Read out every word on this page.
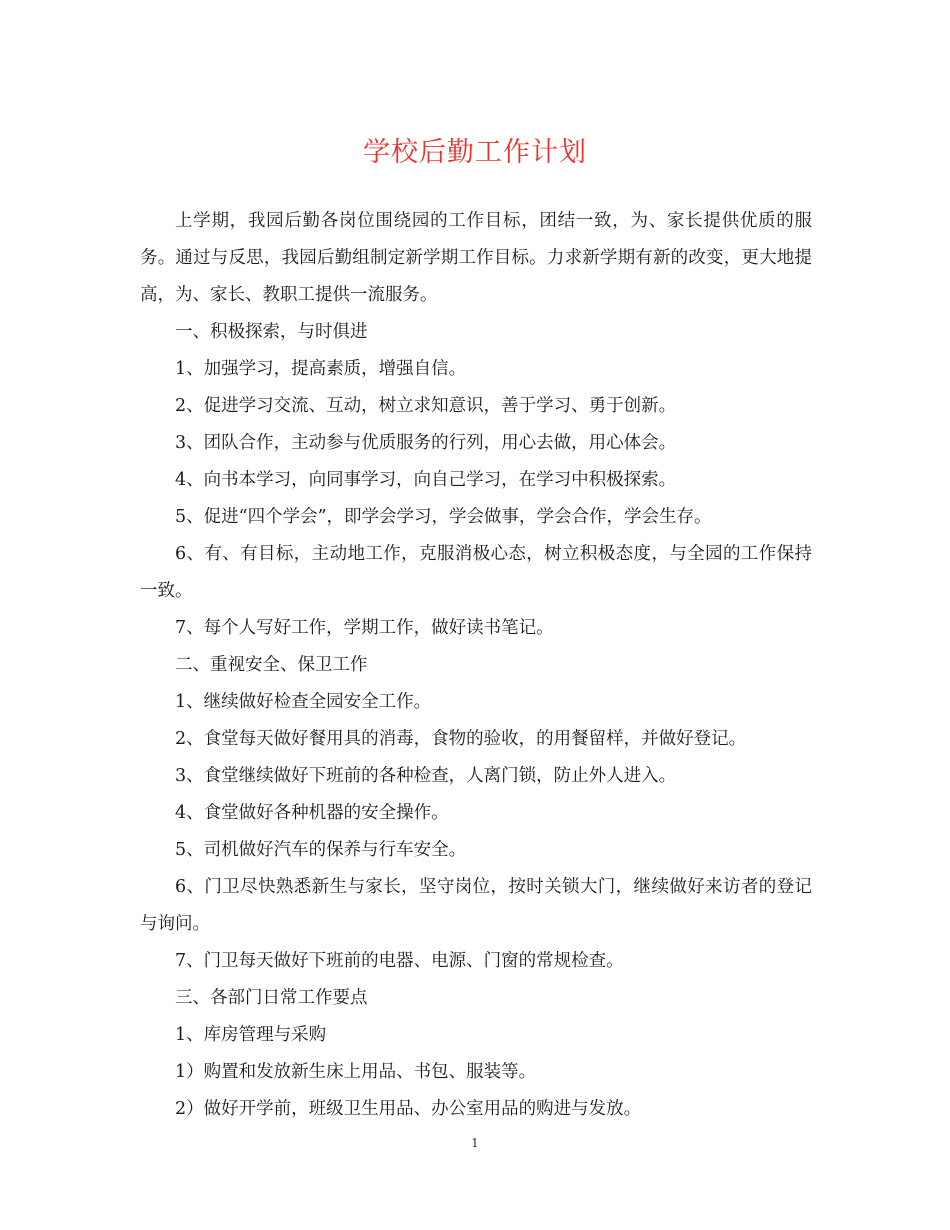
学校后勤工作计划

上学期，我园后勤各岗位围绕园的工作目标，团结一致，为、家长提供优质的服务。通过与反思，我园后勤组制定新学期工作目标。力求新学期有新的改变，更大地提高，为、家长、教职工提供一流服务。

一、积极探索，与时俱进

1、加强学习，提高素质，增强自信。

2、促进学习交流、互动，树立求知意识，善于学习、勇于创新。

3、团队合作，主动参与优质服务的行列，用心去做，用心体会。

4、向书本学习，向同事学习，向自己学习，在学习中积极探索。

5、促进“四个学会”，即学会学习，学会做事，学会合作，学会生存。

6、有、有目标，主动地工作，克服消极心态，树立积极态度，与全园的工作保持一致。

7、每个人写好工作，学期工作，做好读书笔记。

二、重视安全、保卫工作

1、继续做好检查全园安全工作。

2、食堂每天做好餐用具的消毒，食物的验收，的用餐留样，并做好登记。

3、食堂继续做好下班前的各种检查，人离门锁，防止外人进入。

4、食堂做好各种机器的安全操作。

5、司机做好汽车的保养与行车安全。

6、门卫尽快熟悉新生与家长，坚守岗位，按时关锁大门，继续做好来访者的登记与询问。

7、门卫每天做好下班前的电器、电源、门窗的常规检查。

三、各部门日常工作要点

1、库房管理与采购

1）购置和发放新生床上用品、书包、服装等。

2）做好开学前，班级卫生用品、办公室用品的购进与发放。

1
